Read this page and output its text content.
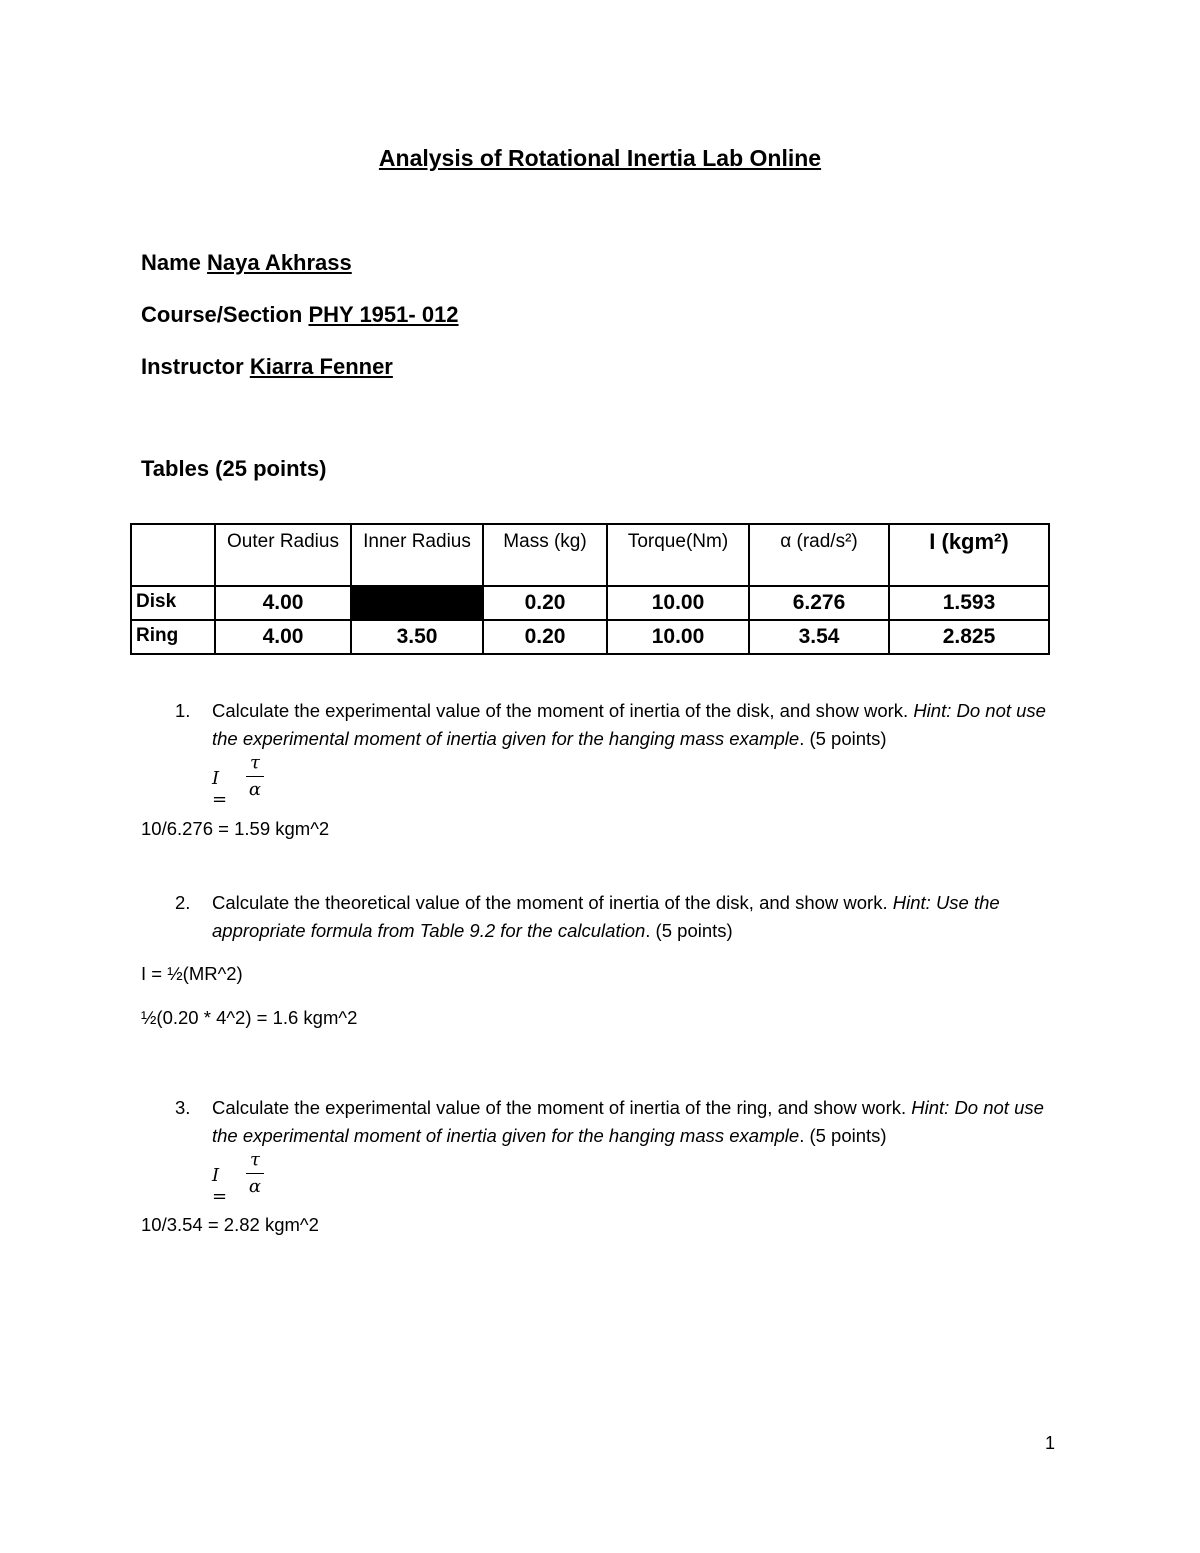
Analysis of Rotational Inertia Lab Online
Name Naya Akhrass
Course/Section PHY 1951- 012
Instructor Kiarra Fenner
Tables (25 points)
	Outer Radius	Inner Radius	Mass (kg)	Torque(Nm)	α (rad/s²)	I (kgm²)
Disk	4.00		0.20	10.00	6.276	1.593
Ring	4.00	3.50	0.20	10.00	3.54	2.825
1. Calculate the experimental value of the moment of inertia of the disk, and show work. Hint: Do not use the experimental moment of inertia given for the hanging mass example. (5 points)
I =
τ
α
10/6.276 = 1.59 kgm^2
2. Calculate the theoretical value of the moment of inertia of the disk, and show work. Hint: Use the appropriate formula from Table 9.2 for the calculation. (5 points)
I = ½(MR^2)
½(0.20 * 4^2) = 1.6 kgm^2
3. Calculate the experimental value of the moment of inertia of the ring, and show work. Hint: Do not use the experimental moment of inertia given for the hanging mass example. (5 points)
I =
τ
α
10/3.54 = 2.82 kgm^2
1
